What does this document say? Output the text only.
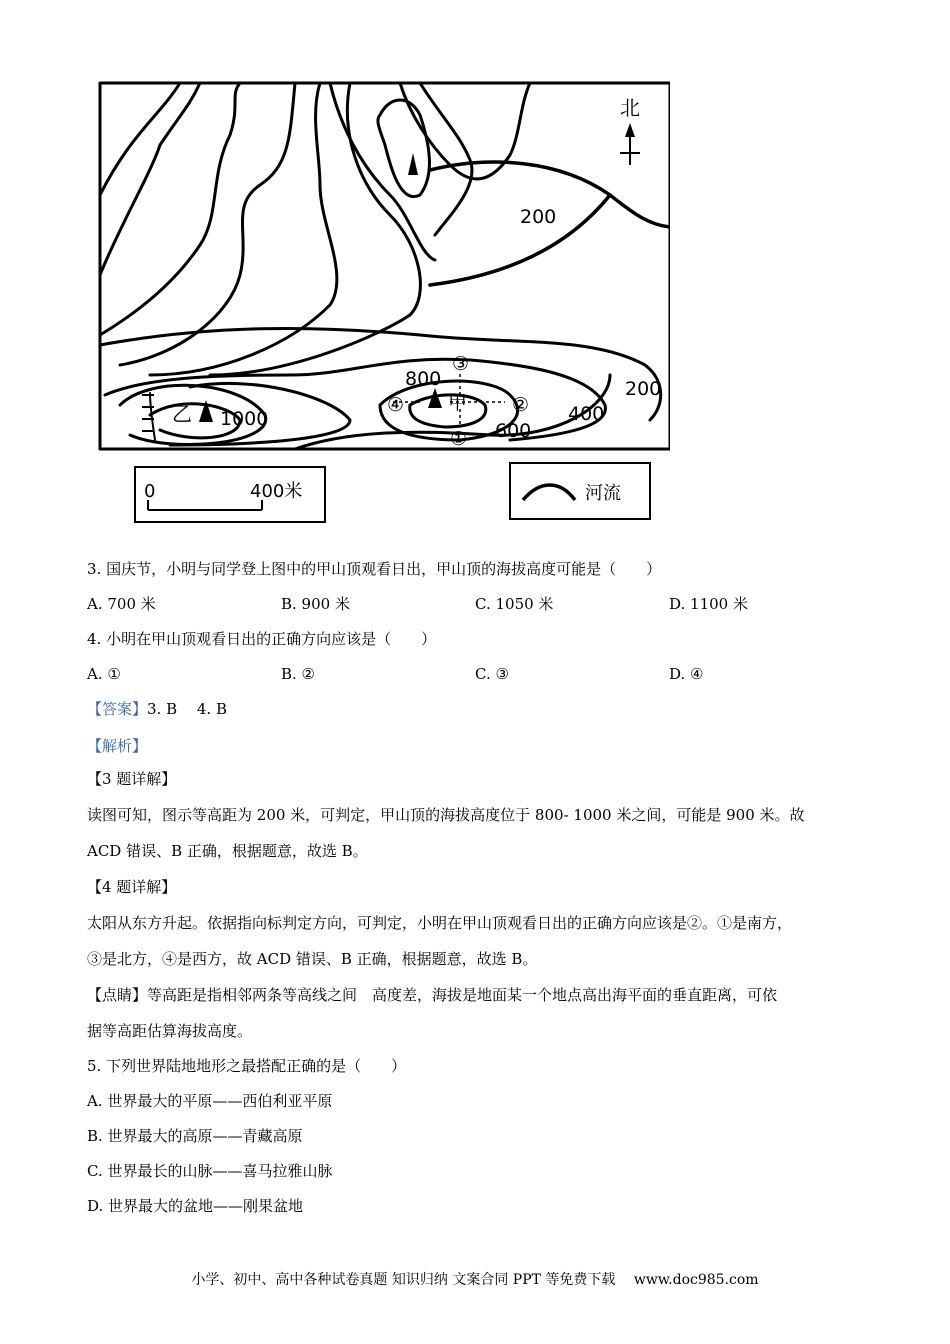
北
200
800
600
400
200
甲
乙 1000
①
②
③
④
0	400米	河流
3. 国庆节，小明与同学登上图中的甲山顶观看日出，甲山顶的海拔高度可能是（　　）
A. 700 米	B. 900 米	C. 1050 米	D. 1100 米
4. 小明在甲山顶观看日出的正确方向应该是（　　）
A. ①	B. ②	C. ③	D. ④
【答案】3. B　 4. B
【解析】
【3 题详解】
读图可知，图示等高距为 200 米，可判定，甲山顶的海拔高度位于 800- 1000 米之间，可能是 900 米。故
ACD 错误、B 正确，根据题意，故选 B。
【4 题详解】
太阳从东方升起。依据指向标判定方向，可判定，小明在甲山顶观看日出的正确方向应该是②。①是南方，
③是北方，④是西方，故 ACD 错误、B 正确，根据题意，故选 B。
【点睛】等高距是指相邻两条等高线之间　高度差，海拔是地面某一个地点高出海平面的垂直距离，可依
据等高距估算海拔高度。
5. 下列世界陆地地形之最搭配正确的是（　　）
A. 世界最大的平原——西伯利亚平原
B. 世界最大的高原——青藏高原
C. 世界最长的山脉——喜马拉雅山脉
D. 世界最大的盆地——刚果盆地
小学、初中、高中各种试卷真题 知识归纳 文案合同 PPT 等免费下载　 www.doc985.com
